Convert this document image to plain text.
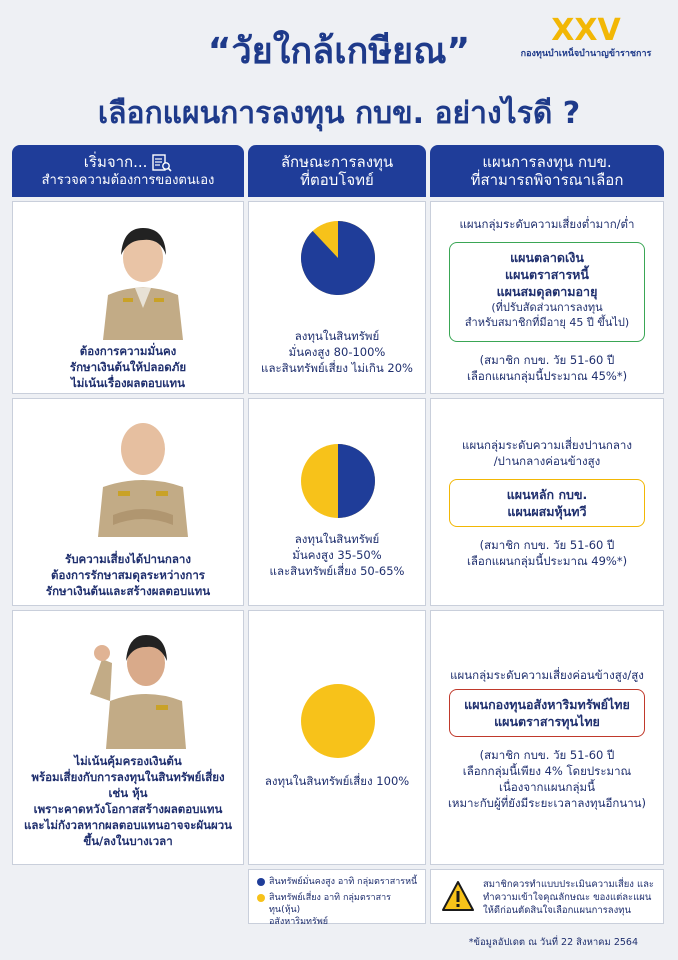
XXV
กองทุนบำเหน็จบำนาญข้าราชการ
“วัยใกล้เกษียณ”
เลือกแผนการลงทุน กบข. อย่างไรดี ?
เริ่มจาก...
สำรวจความต้องการของตนเอง
ลักษณะการลงทุน
ที่ตอบโจทย์
แผนการลงทุน กบข.
ที่สามารถพิจารณาเลือก
ต้องการความมั่นคง
รักษาเงินต้นให้ปลอดภัย
ไม่เน้นเรื่องผลตอบแทน
ลงทุนในสินทรัพย์
มั่นคงสูง 80-100%
และสินทรัพย์เสี่ยง ไม่เกิน 20%
แผนกลุ่มระดับความเสี่ยงต่ำมาก/ต่ำ
แผนตลาดเงิน
แผนตราสารหนี้
แผนสมดุลตามอายุ
(ที่ปรับสัดส่วนการลงทุน
สำหรับสมาชิกที่มีอายุ 45 ปี ขึ้นไป)
(สมาชิก กบข. วัย 51-60 ปี
เลือกแผนกลุ่มนี้ประมาณ 45%*)
รับความเสี่ยงได้ปานกลาง
ต้องการรักษาสมดุลระหว่างการ
รักษาเงินต้นและสร้างผลตอบแทน
ลงทุนในสินทรัพย์
มั่นคงสูง 35-50%
และสินทรัพย์เสี่ยง 50-65%
แผนกลุ่มระดับความเสี่ยงปานกลาง
/ปานกลางค่อนข้างสูง
แผนหลัก กบข.
แผนผสมหุ้นทวี
(สมาชิก กบข. วัย 51-60 ปี
เลือกแผนกลุ่มนี้ประมาณ 49%*)
ไม่เน้นคุ้มครองเงินต้น
พร้อมเสี่ยงกับการลงทุนในสินทรัพย์เสี่ยง
เช่น หุ้น
เพราะคาดหวังโอกาสสร้างผลตอบแทน
และไม่กังวลหากผลตอบแทนอาจจะผันผวน
ขึ้น/ลงในบางเวลา
ลงทุนในสินทรัพย์เสี่ยง 100%
แผนกลุ่มระดับความเสี่ยงค่อนข้างสูง/สูง
แผนกองทุนอสังหาริมทรัพย์ไทย
แผนตราสารทุนไทย
(สมาชิก กบข. วัย 51-60 ปี
เลือกกลุ่มนี้เพียง 4% โดยประมาณ
เนื่องจากแผนกลุ่มนี้
เหมาะกับผู้ที่ยังมีระยะเวลาลงทุนอีกนาน)
สินทรัพย์มั่นคงสูง อาทิ กลุ่มตราสารหนี้
สินทรัพย์เสี่ยง อาทิ กลุ่มตราสารทุน(หุ้น)
อสังหาริมทรัพย์
สมาชิกควรทำแบบประเมินความเสี่ยง และ
ทำความเข้าใจคุณลักษณะ ของแต่ละแผน
ให้ดีก่อนตัดสินใจเลือกแผนการลงทุน
*ข้อมูลอัปเดต ณ วันที่ 22 สิงหาคม 2564
